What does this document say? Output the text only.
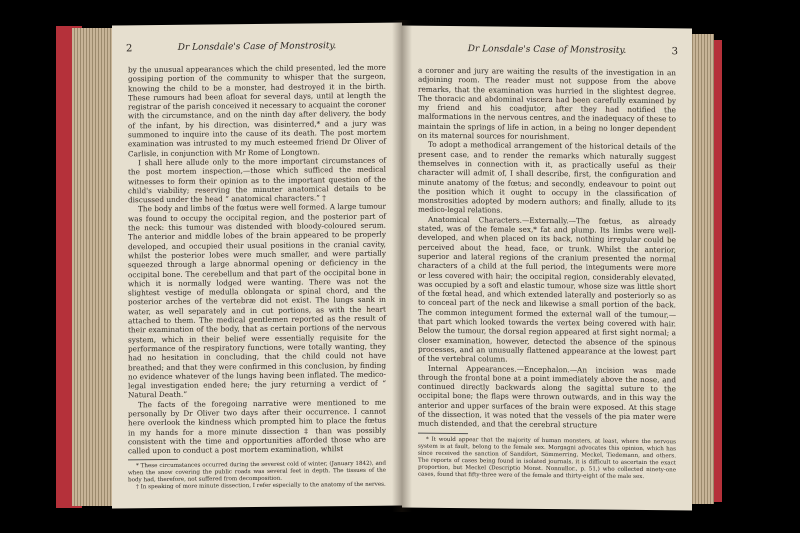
2	Dr Lonsdale's Case of Monstrosity.

by the unusual appearances which the child presented, led the more gossiping portion of the community to whisper that the surgeon, knowing the child to be a monster, had destroyed it in the birth. These rumours had been afloat for several days, until at length the registrar of the parish conceived it necessary to acquaint the coroner with the circumstance, and on the ninth day after delivery, the body of the infant, by his direction, was disinterred,* and a jury was summoned to inquire into the cause of its death. The post mortem examination was intrusted to my much esteemed friend Dr Oliver of Carlisle, in conjunction with Mr Rome of Longtown.

I shall here allude only to the more important circumstances of the post mortem inspection,—those which sufficed the medical witnesses to form their opinion as to the important question of the child's viability; reserving the minuter anatomical details to be discussed under the head “ anatomical characters.” †

The body and limbs of the fœtus were well formed. A large tumour was found to occupy the occipital region, and the posterior part of the neck: this tumour was distended with bloody-coloured serum. The anterior and middle lobes of the brain appeared to be properly developed, and occupied their usual positions in the cranial cavity, whilst the posterior lobes were much smaller, and were partially squeezed through a large abnormal opening or deficiency in the occipital bone. The cerebellum and that part of the occipital bone in which it is normally lodged were wanting. There was not the slightest vestige of medulla oblongata or spinal chord, and the posterior arches of the vertebræ did not exist. The lungs sank in water, as well separately and in cut portions, as with the heart attached to them. The medical gentlemen reported as the result of their examination of the body, that as certain portions of the nervous system, which in their belief were essentially requisite for the performance of the respiratory functions, were totally wanting, they had no hesitation in concluding, that the child could not have breathed; and that they were confirmed in this conclusion, by finding no evidence whatever of the lungs having been inflated. The medico-legal investigation ended here; the jury returning a verdict of “ Natural Death.”

The facts of the foregoing narrative were mentioned to me personally by Dr Oliver two days after their occurrence. I cannot here overlook the kindness which prompted him to place the fœtus in my hands for a more minute dissection ‡ than was possibly consistent with the time and opportunities afforded those who are called upon to conduct a post mortem examination, whilst

* These circumstances occurred during the severest cold of winter, (January 1842), and when the snow covering the public roads was several feet in depth. The tissues of the body had, therefore, not suffered from decomposition.

† In speaking of more minute dissection, I refer especially to the anatomy of the nerves.

Dr Lonsdale's Case of Monstrosity.	3

a coroner and jury are waiting the results of the investigation in an adjoining room. The reader must not suppose from the above remarks, that the examination was hurried in the slightest degree. The thoracic and abdominal viscera had been carefully examined by my friend and his coadjutor, after they had notified the malformations in the nervous centres, and the inadequacy of these to maintain the springs of life in action, in a being no longer dependent on its maternal sources for nourishment.

To adopt a methodical arrangement of the historical details of the present case, and to render the remarks which naturally suggest themselves in connection with it, as practically useful as their character will admit of, I shall describe, first, the configuration and minute anatomy of the fœtus; and secondly, endeavour to point out the position which it ought to occupy in the classification of monstrosities adopted by modern authors; and finally, allude to its medico-legal relations.

Anatomical Characters.—Externally.—The fœtus, as already stated, was of the female sex,* fat and plump. Its limbs were well-developed, and when placed on its back, nothing irregular could be perceived about the head, face, or trunk. Whilst the anterior, superior and lateral regions of the cranium presented the normal characters of a child at the full period, the integuments were more or less covered with hair; the occipital region, considerably elevated, was occupied by a soft and elastic tumour, whose size was little short of the fœtal head, and which extended laterally and posteriorly so as to conceal part of the neck and likewise a small portion of the back. The common integument formed the external wall of the tumour,—that part which looked towards the vertex being covered with hair. Below the tumour, the dorsal region appeared at first sight normal; a closer examination, however, detected the absence of the spinous processes, and an unusually flattened appearance at the lowest part of the vertebral column.

Internal Appearances.—Encephalon.—An incision was made through the frontal bone at a point immediately above the nose, and continued directly backwards along the sagittal suture to the occipital bone; the flaps were thrown outwards, and in this way the anterior and upper surfaces of the brain were exposed. At this stage of the dissection, it was noted that the vessels of the pia mater were much distended, and that the cerebral structure

* It would appear that the majority of human monsters, at least, where the nervous system is at fault, belong to the female sex. Morgagni advocates this opinion, which has since received the sanction of Sandifort, Sömmerring, Meckel, Tiedemann, and others. The reports of cases being found in isolated journals, it is difficult to ascertain the exact proportion, but Meckel (Descriptio Monst. Nonnullor., p. 51,) who collected ninety-one cases, found that fifty-three were of the female and thirty-eight of the male sex.
